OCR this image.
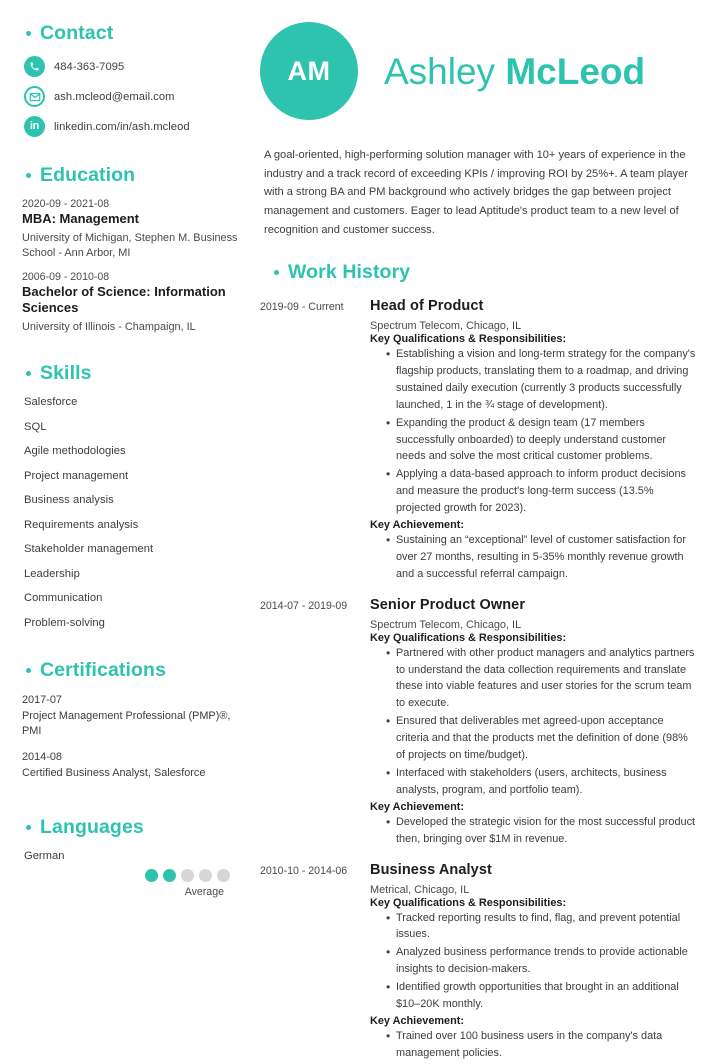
Contact
484-363-7095
ash.mcleod@email.com
in linkedin.com/in/ash.mcleod
Education
2020-09 - 2021-08
MBA: Management
University of Michigan, Stephen M. Business School - Ann Arbor, MI
2006-09 - 2010-08
Bachelor of Science: Information Sciences
University of Illinois - Champaign, IL
Skills
Salesforce
SQL
Agile methodologies
Project management
Business analysis
Requirements analysis
Stakeholder management
Leadership
Communication
Problem-solving
Certifications
2017-07
Project Management Professional (PMP)®, PMI
2014-08
Certified Business Analyst, Salesforce
Languages
German
Average
AM Ashley McLeod

A goal-oriented, high-performing solution manager with 10+ years of experience in the industry and a track record of exceeding KPIs / improving ROI by 25%+. A team player with a strong BA and PM background who actively bridges the gap between project management and customers. Eager to lead Aptitude's product team to a new level of recognition and customer success.

Work History
2019-09 - Current	Head of Product
Spectrum Telecom, Chicago, IL
Key Qualifications & Responsibilities:
• Establishing a vision and long-term strategy for the company's flagship products, translating them to a roadmap, and driving sustained daily execution (currently 3 products successfully launched, 1 in the ¾ stage of development).
• Expanding the product & design team (17 members successfully onboarded) to deeply understand customer needs and solve the most critical customer problems.
• Applying a data-based approach to inform product decisions and measure the product's long-term success (13.5% projected growth for 2023).
Key Achievement:
• Sustaining an “exceptional” level of customer satisfaction for over 27 months, resulting in 5-35% monthly revenue growth and a successful referral campaign.
2014-07 - 2019-09	Senior Product Owner
Spectrum Telecom, Chicago, IL
Key Qualifications & Responsibilities:
• Partnered with other product managers and analytics partners to understand the data collection requirements and translate these into viable features and user stories for the scrum team to execute.
• Ensured that deliverables met agreed-upon acceptance criteria and that the products met the definition of done (98% of projects on time/budget).
• Interfaced with stakeholders (users, architects, business analysts, program, and portfolio team).
Key Achievement:
• Developed the strategic vision for the most successful product then, bringing over $1M in revenue.
2010-10 - 2014-06	Business Analyst
Metrical, Chicago, IL
Key Qualifications & Responsibilities:
• Tracked reporting results to find, flag, and prevent potential issues.
• Analyzed business performance trends to provide actionable insights to decision-makers.
• Identified growth opportunities that brought in an additional $10–20K monthly.
Key Achievement:
• Trained over 100 business users in the company's data management policies.
